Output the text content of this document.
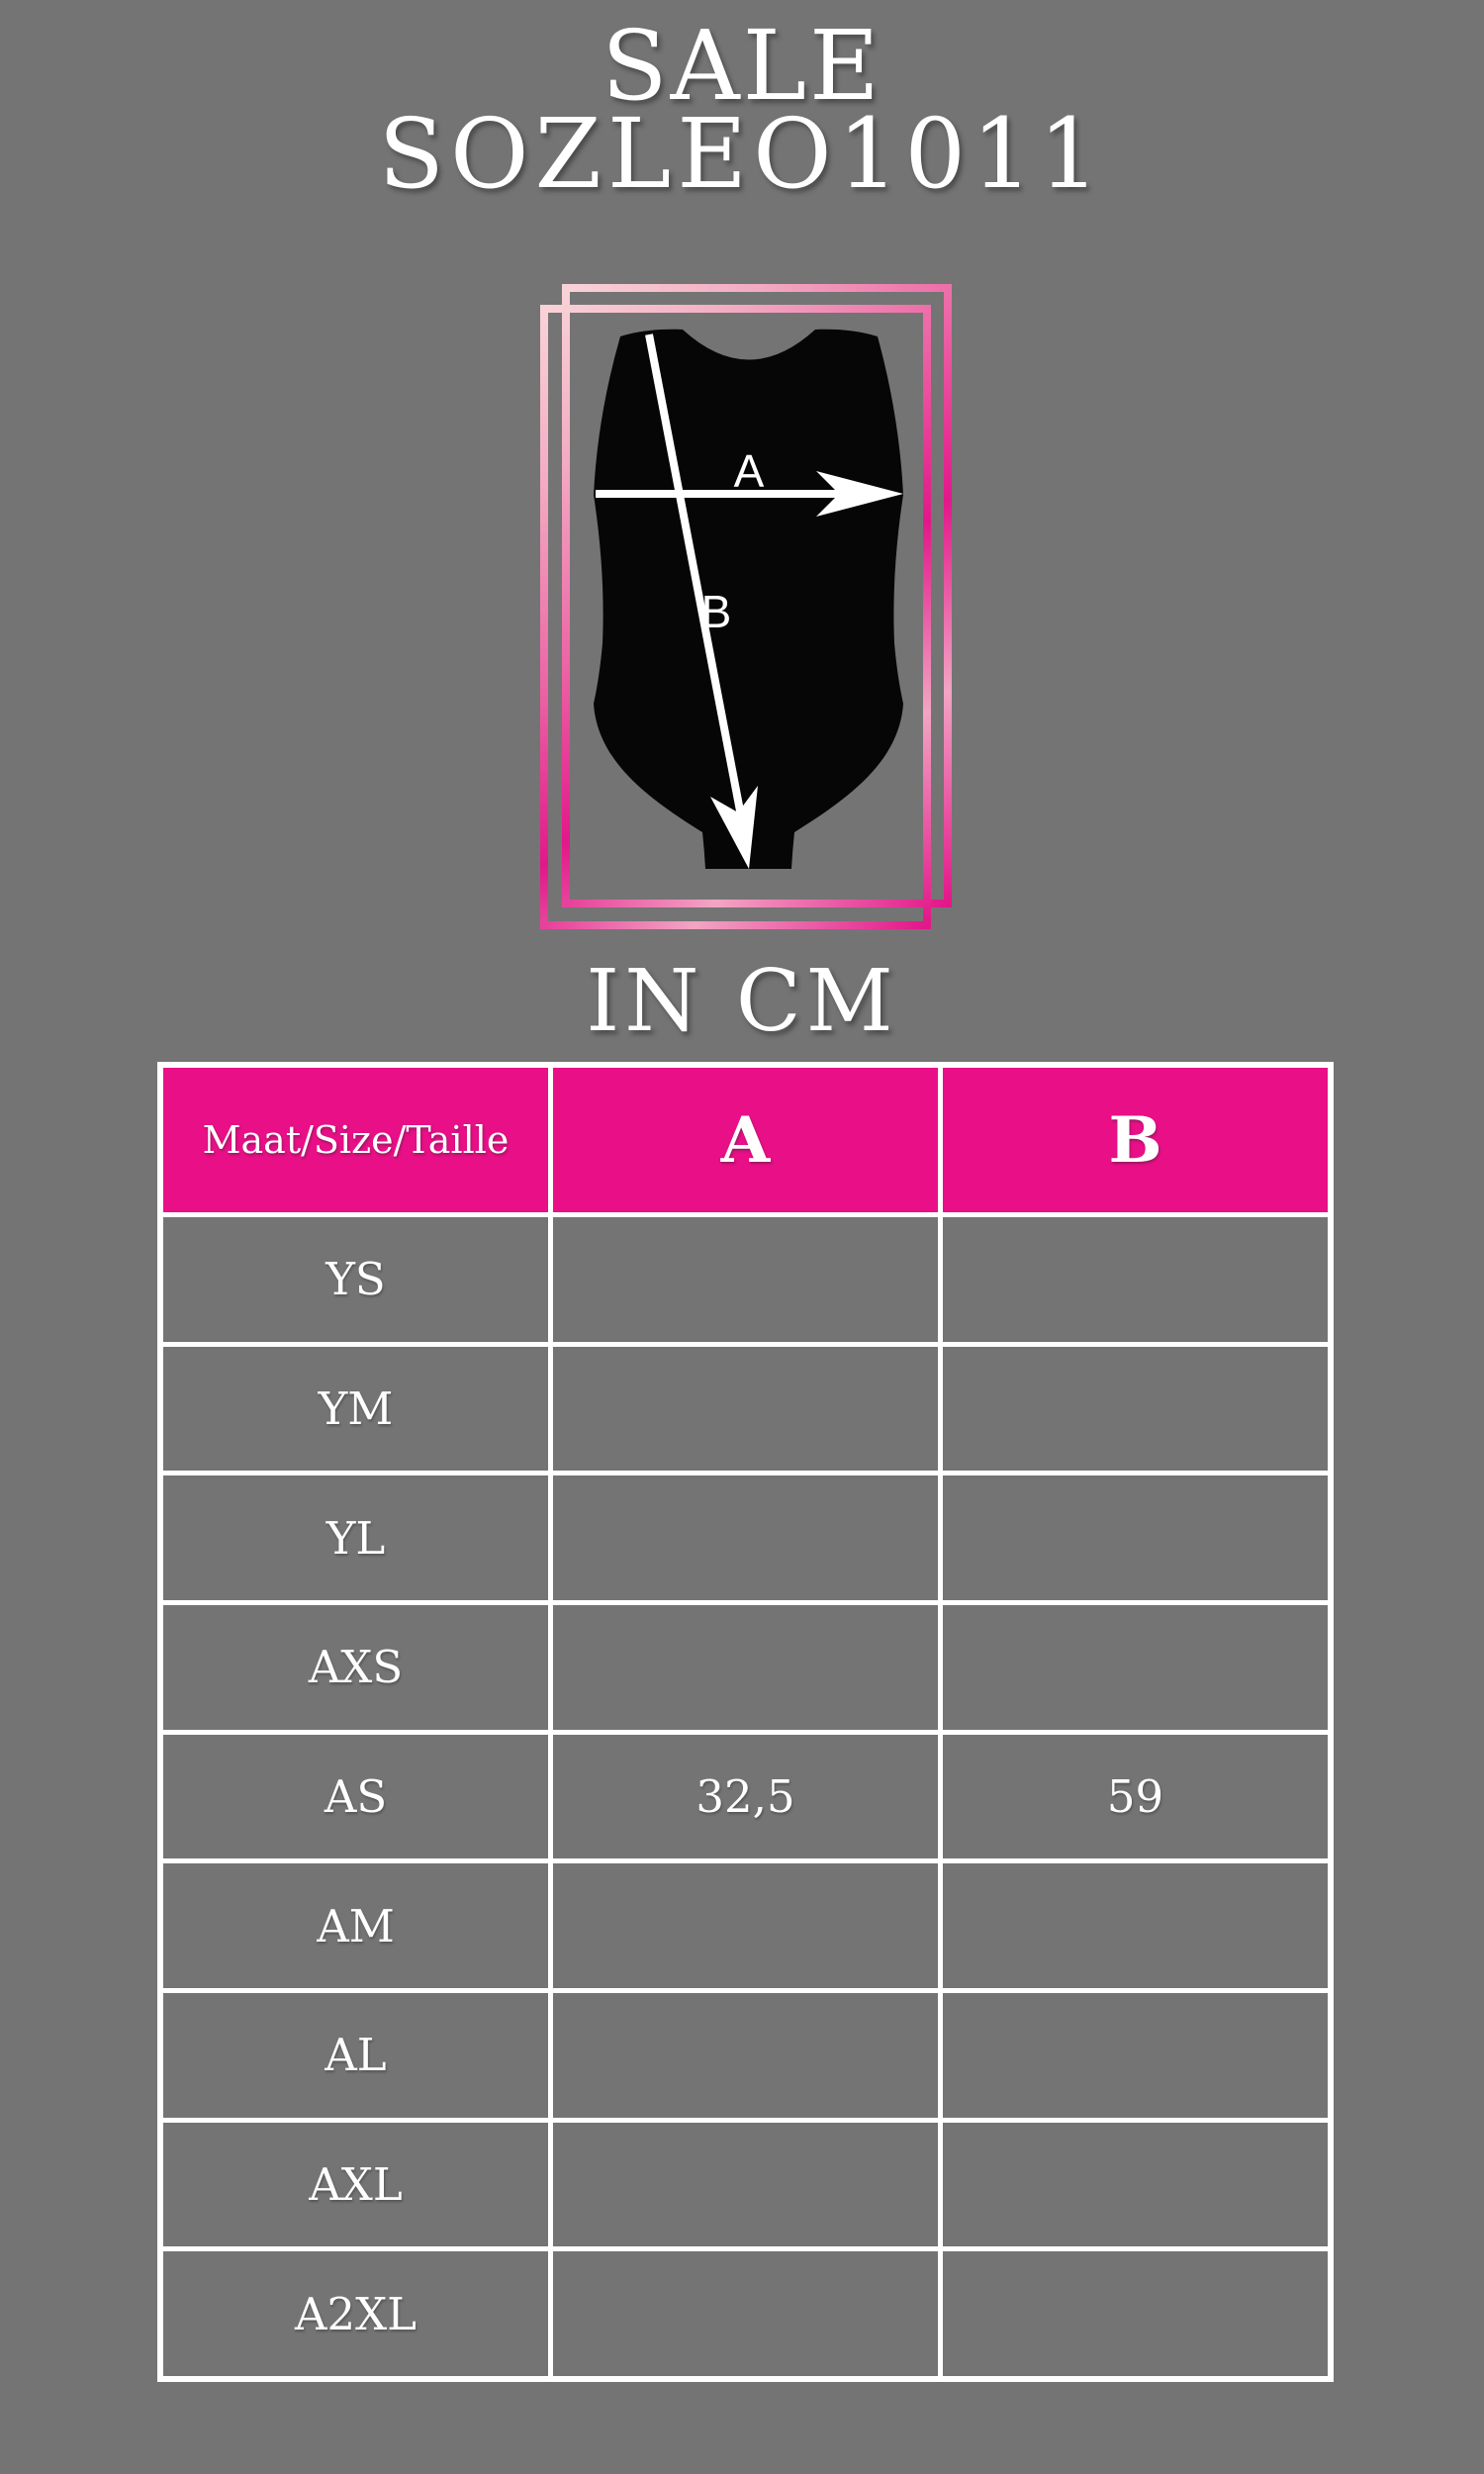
SALE
SOZLEO1011
A
B
IN CM
Maat/Size/Taille	A	B
YS
YM
YL
AXS
AS	32,5	59
AM
AL
AXL
A2XL
